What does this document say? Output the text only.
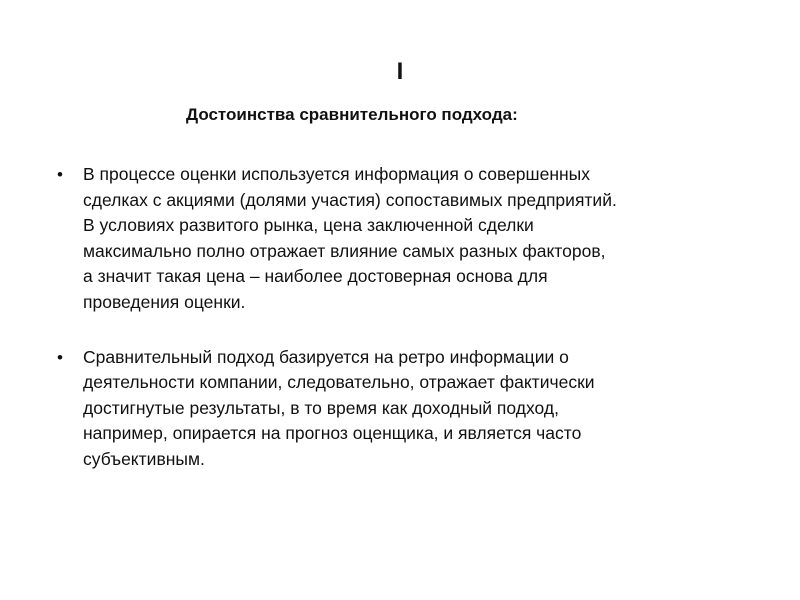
I
Достоинства сравнительного подхода:
• В процессе оценки используется информация о совершенных
сделках с акциями (долями участия) сопоставимых предприятий.
В условиях развитого рынка, цена заключенной сделки
максимально полно отражает влияние самых разных факторов,
а значит такая цена – наиболее достоверная основа для
проведения оценки.
• Сравнительный подход базируется на ретро информации о
деятельности компании, следовательно, отражает фактически
достигнутые результаты, в то время как доходный подход,
например, опирается на прогноз оценщика, и является часто
субъективным.
